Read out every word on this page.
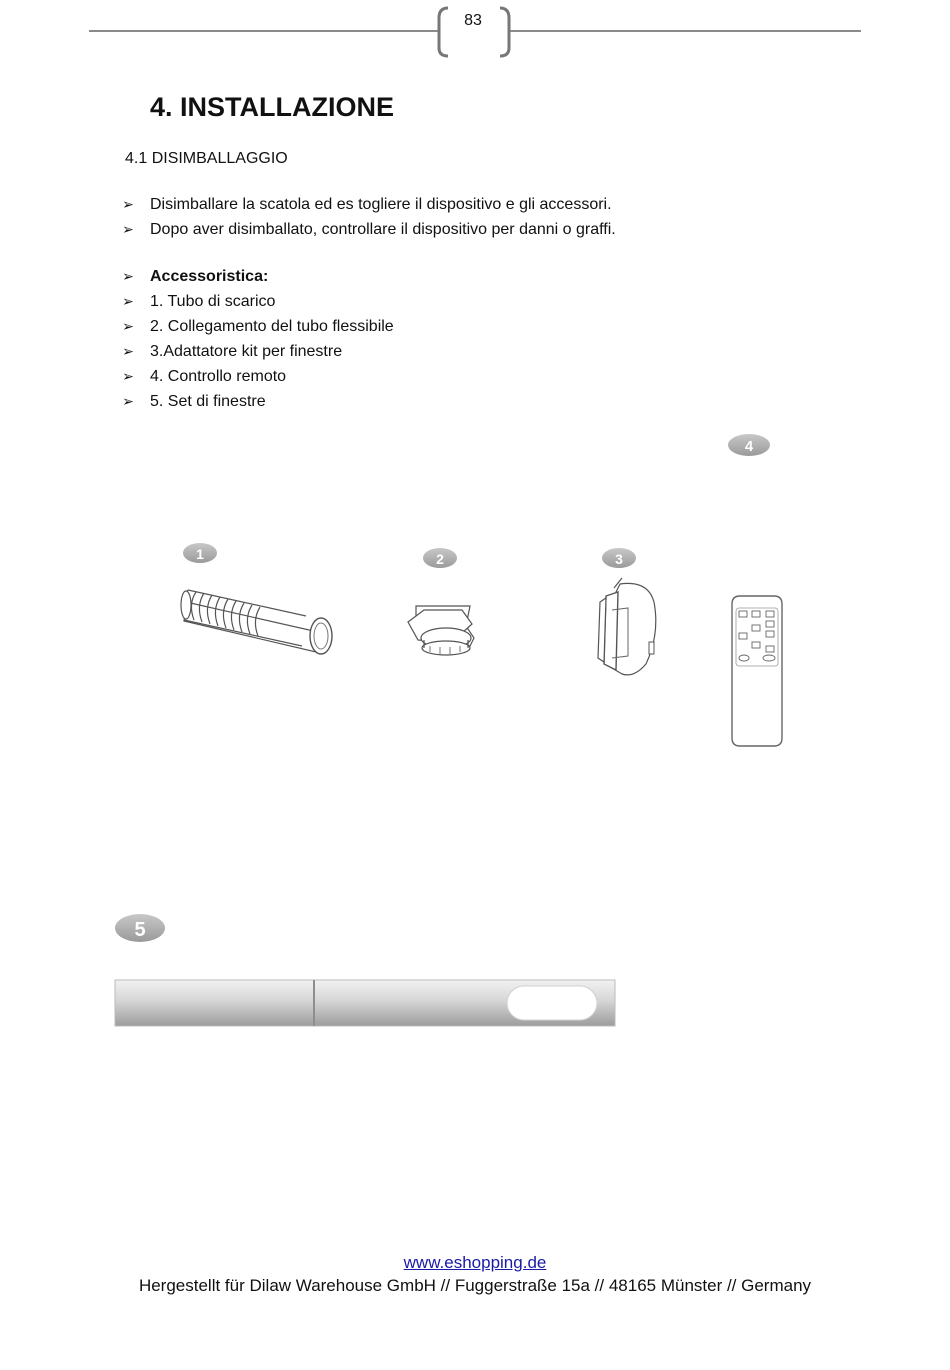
83
4. INSTALLAZIONE

4.1 DISIMBALLAGGIO

➢ Disimballare la scatola ed es togliere il dispositivo e gli accessori.
➢ Dopo aver disimballato, controllare il dispositivo per danni o graffi.
➢ Accessoristica:
➢ 1. Tubo di scarico
➢ 2. Collegamento del tubo flessibile
➢ 3.Adattatore kit per finestre
➢ 4. Controllo remoto
➢ 5. Set di finestre
4
1	2	3
5
www.eshopping.de
Hergestellt für Dilaw Warehouse GmbH // Fuggerstraße 15a // 48165 Münster // Germany
